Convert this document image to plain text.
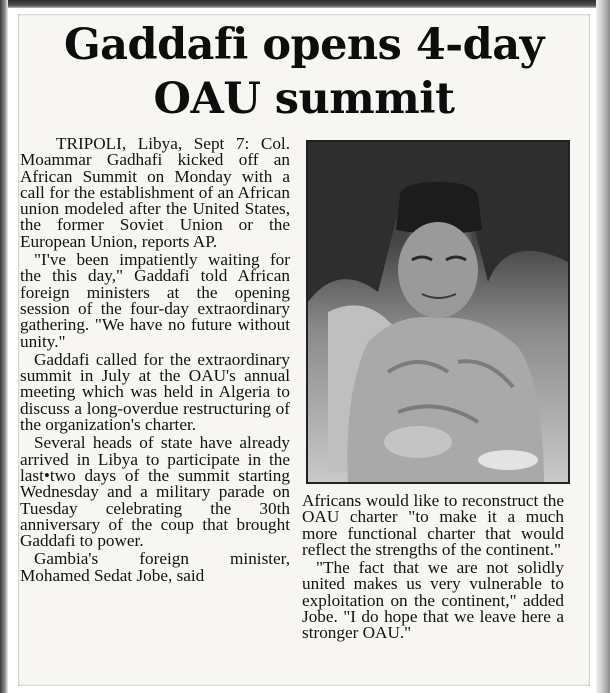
Gaddafi opens 4-day
OAU summit

TRIPOLI, Libya, Sept 7: Col. Moammar Gadhafi kicked off an African Summit on Monday with a call for the establishment of an African union modeled after the United States, the former Soviet Union or the European Union, reports AP.

"I've been impatiently waiting for the this day," Gaddafi told African foreign ministers at the opening session of the four-day extraordinary gathering. "We have no future without unity."

Gaddafi called for the extraordinary summit in July at the OAU's annual meeting which was held in Algeria to discuss a long-overdue restructuring of the organization's charter.

Several heads of state have already arrived in Libya to participate in the last•two days of the summit starting Wednesday and a military parade on Tuesday celebrating the 30th anniversary of the coup that brought Gaddafi to power.

Gambia's foreign minister, Mohamed Sedat Jobe, said

Africans would like to reconstruct the OAU charter "to make it a much more functional charter that would reflect the strengths of the continent."

"The fact that we are not solidly united makes us very vulnerable to exploitation on the continent," added Jobe. "I do hope that we leave here a stronger OAU."
